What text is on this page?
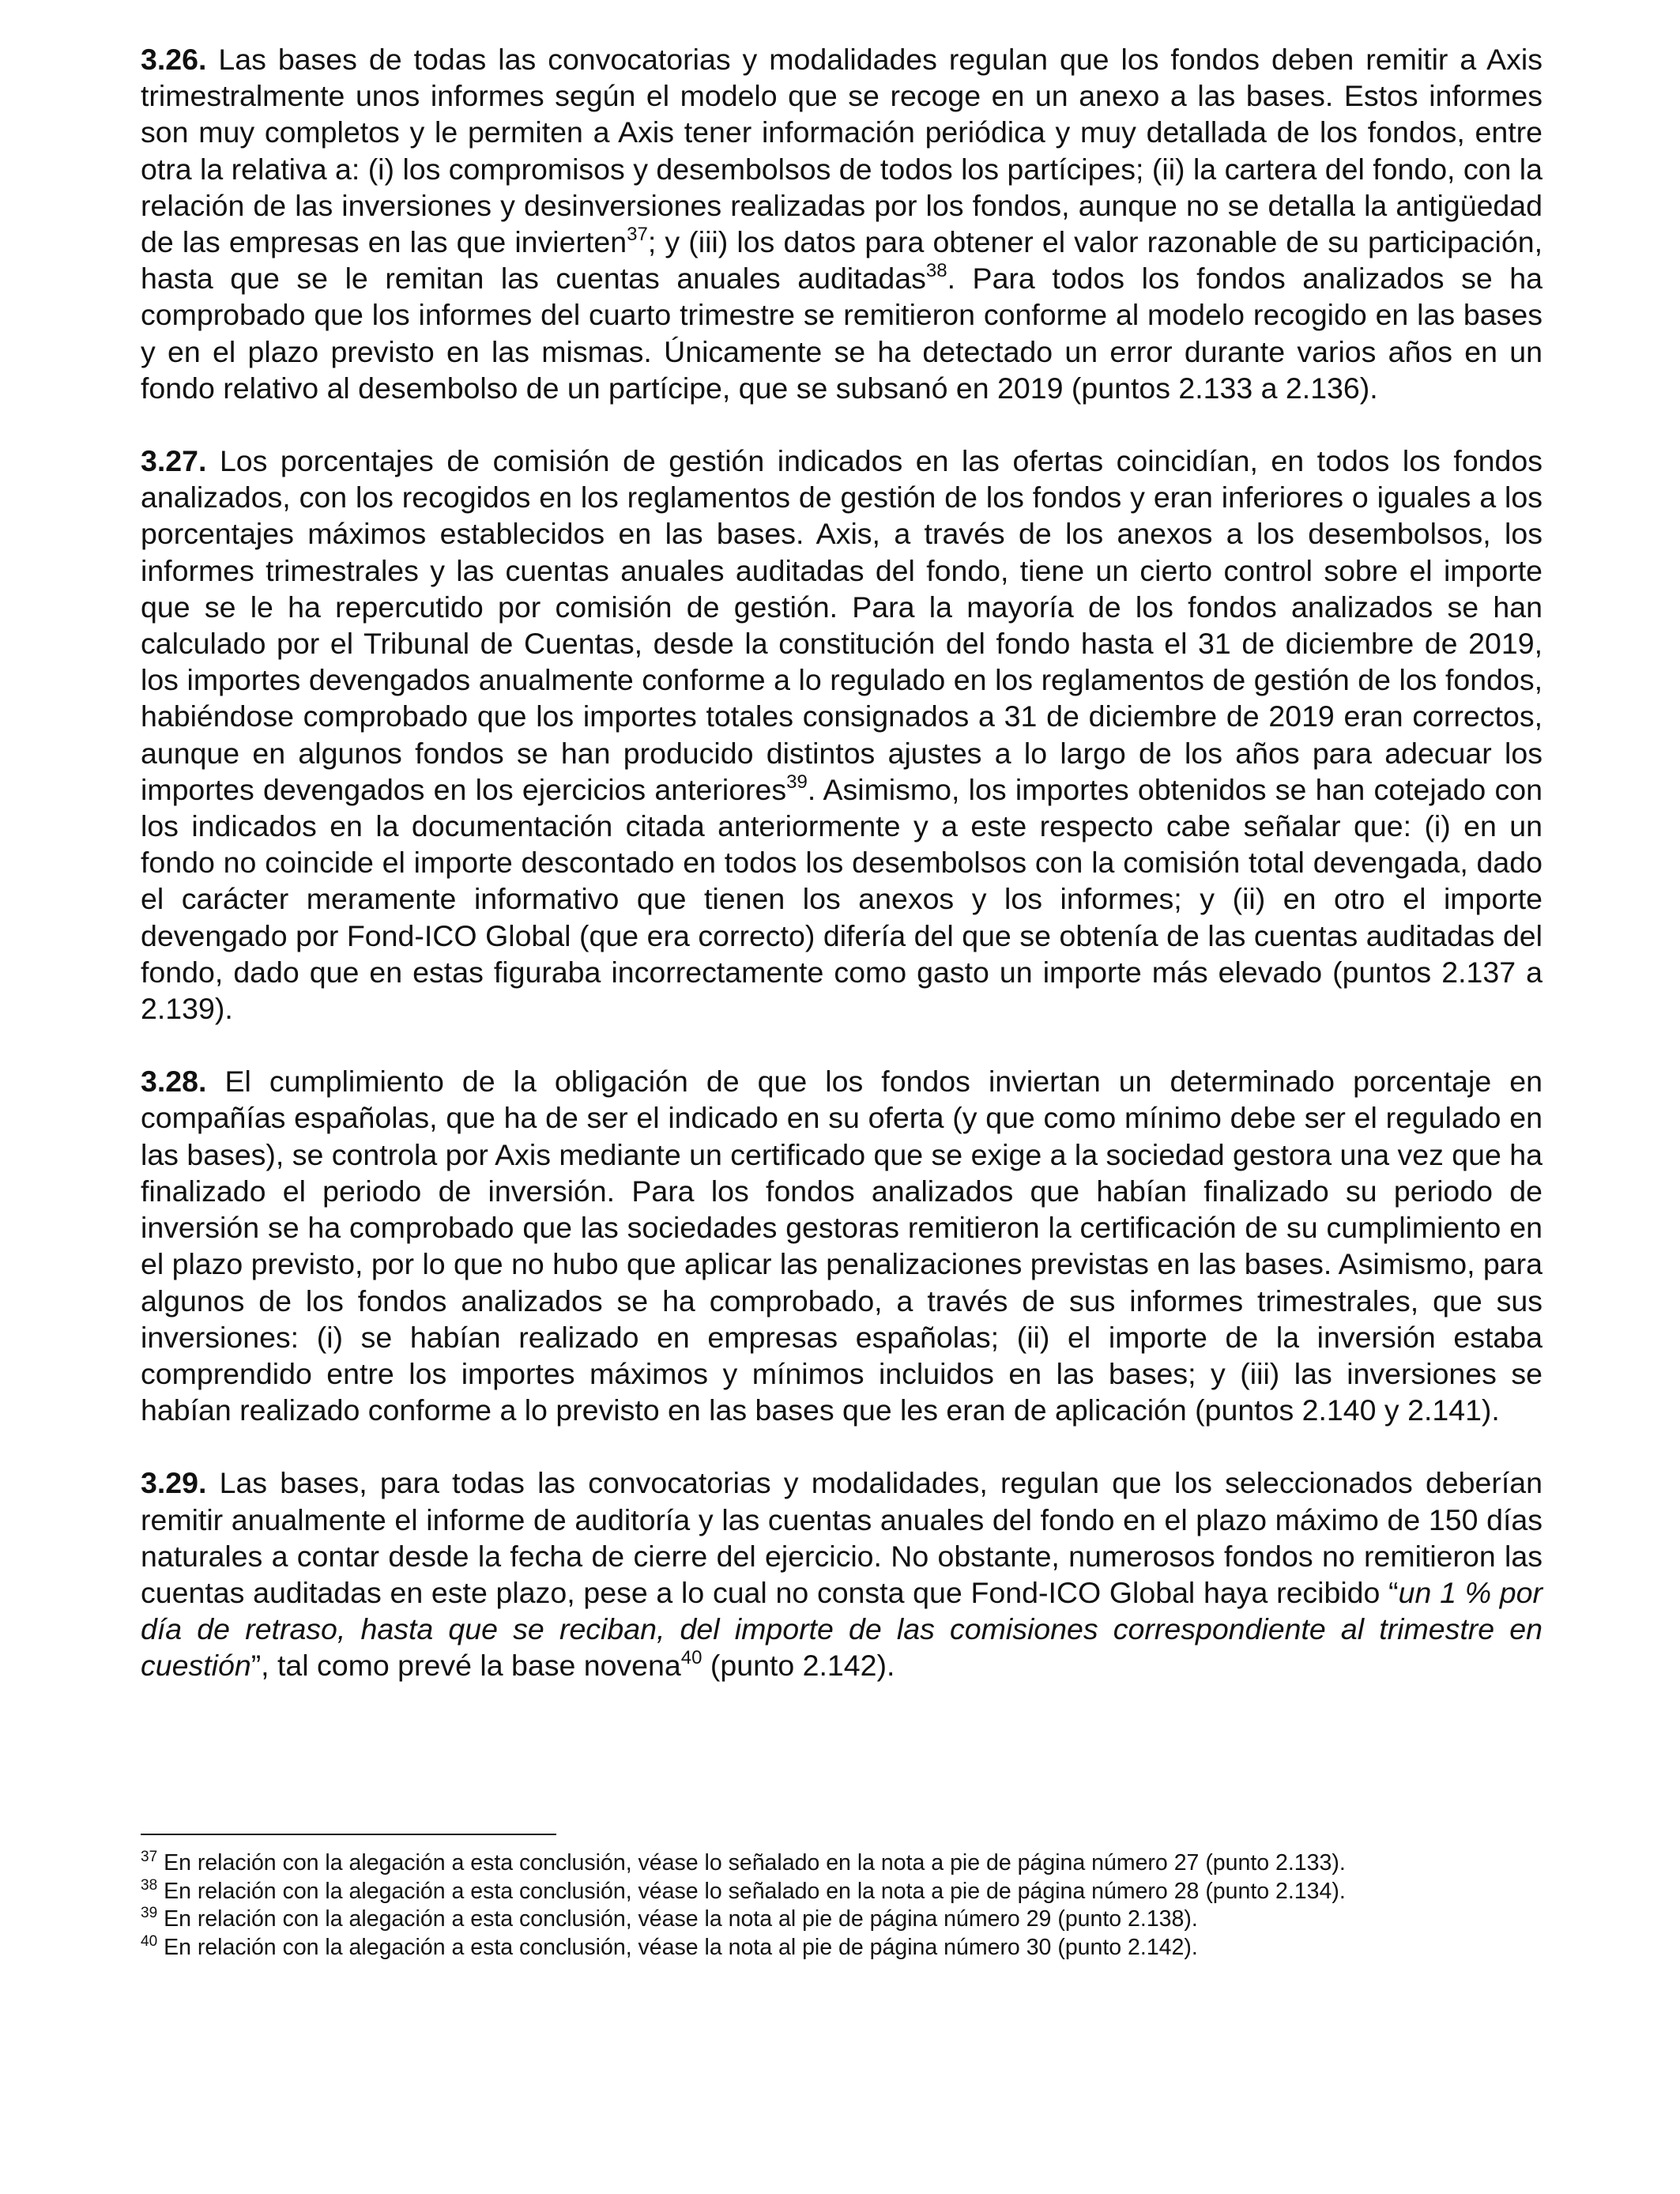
3.26. Las bases de todas las convocatorias y modalidades regulan que los fondos deben remitir a Axis trimestralmente unos informes según el modelo que se recoge en un anexo a las bases. Estos informes son muy completos y le permiten a Axis tener información periódica y muy detallada de los fondos, entre otra la relativa a: (i) los compromisos y desembolsos de todos los partícipes; (ii) la cartera del fondo, con la relación de las inversiones y desinversiones realizadas por los fondos, aunque no se detalla la antigüedad de las empresas en las que invierten$^{37}$; y (iii) los datos para obtener el valor razonable de su participación, hasta que se le remitan las cuentas anuales auditadas$^{38}$. Para todos los fondos analizados se ha comprobado que los informes del cuarto trimestre se remitieron conforme al modelo recogido en las bases y en el plazo previsto en las mismas. Únicamente se ha detectado un error durante varios años en un fondo relativo al desembolso de un partícipe, que se subsanó en 2019 (puntos 2.133 a 2.136).

3.27. Los porcentajes de comisión de gestión indicados en las ofertas coincidían, en todos los fondos analizados, con los recogidos en los reglamentos de gestión de los fondos y eran inferiores o iguales a los porcentajes máximos establecidos en las bases. Axis, a través de los anexos a los desembolsos, los informes trimestrales y las cuentas anuales auditadas del fondo, tiene un cierto control sobre el importe que se le ha repercutido por comisión de gestión. Para la mayoría de los fondos analizados se han calculado por el Tribunal de Cuentas, desde la constitución del fondo hasta el 31 de diciembre de 2019, los importes devengados anualmente conforme a lo regulado en los reglamentos de gestión de los fondos, habiéndose comprobado que los importes totales consignados a 31 de diciembre de 2019 eran correctos, aunque en algunos fondos se han producido distintos ajustes a lo largo de los años para adecuar los importes devengados en los ejercicios anteriores$^{39}$. Asimismo, los importes obtenidos se han cotejado con los indicados en la documentación citada anteriormente y a este respecto cabe señalar que: (i) en un fondo no coincide el importe descontado en todos los desembolsos con la comisión total devengada, dado el carácter meramente informativo que tienen los anexos y los informes; y (ii) en otro el importe devengado por Fond-ICO Global (que era correcto) difería del que se obtenía de las cuentas auditadas del fondo, dado que en estas figuraba incorrectamente como gasto un importe más elevado (puntos 2.137 a 2.139).

3.28. El cumplimiento de la obligación de que los fondos inviertan un determinado porcentaje en compañías españolas, que ha de ser el indicado en su oferta (y que como mínimo debe ser el regulado en las bases), se controla por Axis mediante un certificado que se exige a la sociedad gestora una vez que ha finalizado el periodo de inversión. Para los fondos analizados que habían finalizado su periodo de inversión se ha comprobado que las sociedades gestoras remitieron la certificación de su cumplimiento en el plazo previsto, por lo que no hubo que aplicar las penalizaciones previstas en las bases. Asimismo, para algunos de los fondos analizados se ha comprobado, a través de sus informes trimestrales, que sus inversiones: (i) se habían realizado en empresas españolas; (ii) el importe de la inversión estaba comprendido entre los importes máximos y mínimos incluidos en las bases; y (iii) las inversiones se habían realizado conforme a lo previsto en las bases que les eran de aplicación (puntos 2.140 y 2.141).

3.29. Las bases, para todas las convocatorias y modalidades, regulan que los seleccionados deberían remitir anualmente el informe de auditoría y las cuentas anuales del fondo en el plazo máximo de 150 días naturales a contar desde la fecha de cierre del ejercicio. No obstante, numerosos fondos no remitieron las cuentas auditadas en este plazo, pese a lo cual no consta que Fond-ICO Global haya recibido “un 1 % por día de retraso, hasta que se reciban, del importe de las comisiones correspondiente al trimestre en cuestión”, tal como prevé la base novena$^{40}$ (punto 2.142).

$^{37}$ En relación con la alegación a esta conclusión, véase lo señalado en la nota a pie de página número 27 (punto 2.133).

$^{38}$ En relación con la alegación a esta conclusión, véase lo señalado en la nota a pie de página número 28 (punto 2.134).

$^{39}$ En relación con la alegación a esta conclusión, véase la nota al pie de página número 29 (punto 2.138).

$^{40}$ En relación con la alegación a esta conclusión, véase la nota al pie de página número 30 (punto 2.142).
